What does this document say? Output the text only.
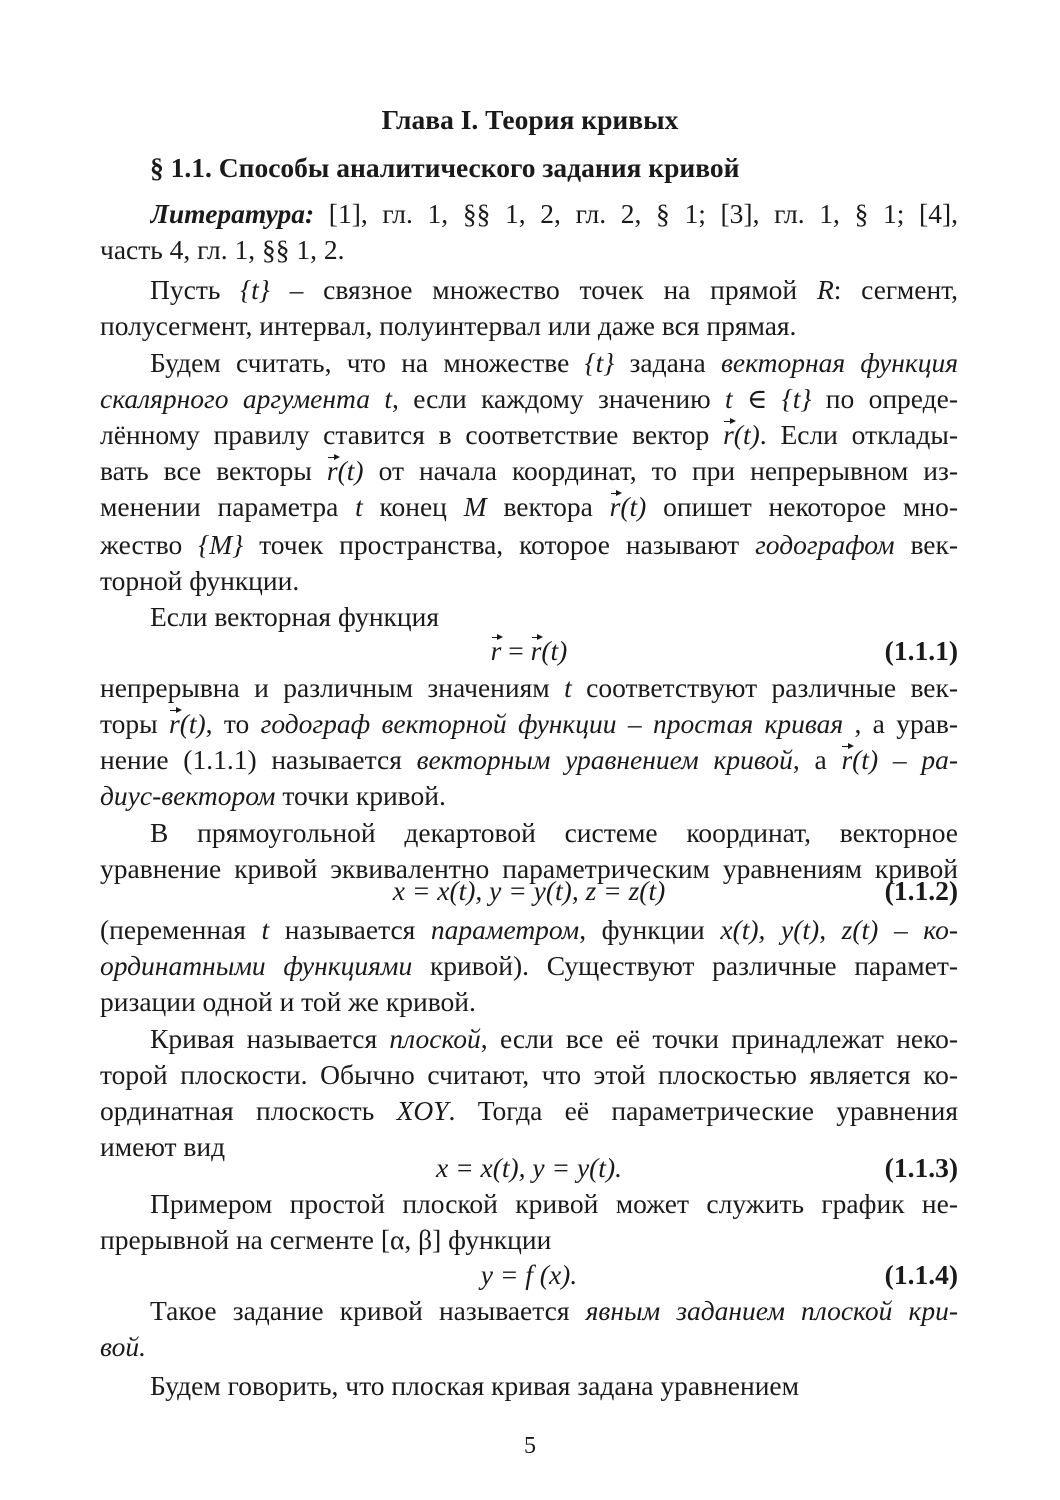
Глава I. Теория кривых
§ 1.1. Способы аналитического задания кривой
Литература: [1], гл. 1, §§ 1, 2, гл. 2, § 1; [3], гл. 1, § 1; [4],
часть 4, гл. 1, §§ 1, 2.
Пусть {t} – связное множество точек на прямой R: сегмент,
полусегмент, интервал, полуинтервал или даже вся прямая.
Будем считать, что на множестве {t} задана векторная функция
скалярного аргумента t, если каждому значению t ∈ {t} по опреде-
лённому правилу ставится в соответствие вектор r(t). Если отклады-
вать все векторы r(t) от начала координат, то при непрерывном из-
менении параметра t конец M вектора r(t) опишет некоторое мно-
жество {M} точек пространства, которое называют годографом век-
торной функции.
Если векторная функция
r = r(t)	(1.1.1)
непрерывна и различным значениям t соответствуют различные век-
торы r(t), то годограф векторной функции – простая кривая , а урав-
нение (1.1.1) называется векторным уравнением кривой, а r(t) – ра-
диус-вектором точки кривой.
В прямоугольной декартовой системе координат, векторное
уравнение кривой эквивалентно параметрическим уравнениям кривой
x = x(t), y = y(t), z = z(t)	(1.1.2)
(переменная t называется параметром, функции x(t), y(t), z(t) – ко-
ординатными функциями кривой). Существуют различные парамет-
ризации одной и той же кривой.
Кривая называется плоской, если все её точки принадлежат неко-
торой плоскости. Обычно считают, что этой плоскостью является ко-
ординатная плоскость XOY. Тогда её параметрические уравнения
имеют вид
x = x(t), y = y(t).	(1.1.3)
Примером простой плоской кривой может служить график не-
прерывной на сегменте [α, β] функции
y = f (x).	(1.1.4)
Такое задание кривой называется явным заданием плоской кри-
вой.
Будем говорить, что плоская кривая задана уравнением
5
